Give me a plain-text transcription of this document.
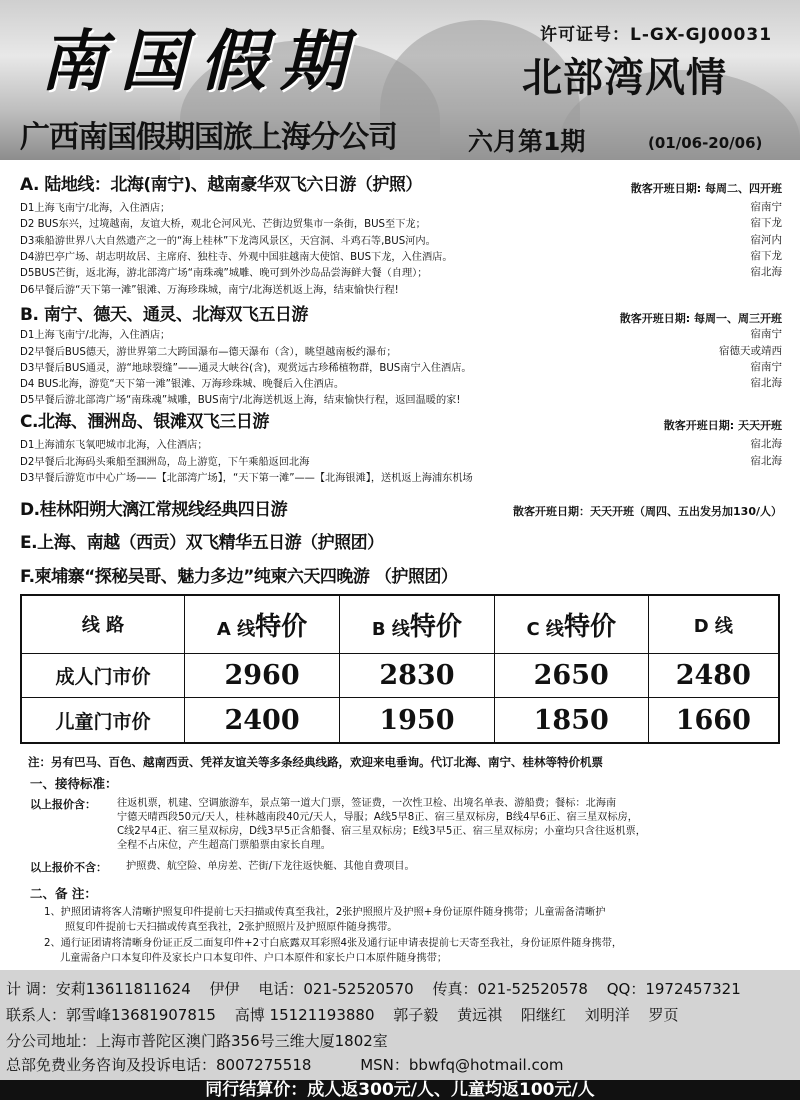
南国假期	许可证号：L-GX-GJ00031
北部湾风情
广西南国假期国旅上海分公司	六月第1期	(01/06-20/06)
A. 陆地线：北海(南宁)、越南豪华双飞六日游（护照）	散客开班日期: 每周二、四开班
D1上海飞南宁/北海，入住酒店；	宿南宁
D2 BUS东兴，过境越南，友谊大桥，观北仑河风光、芒街边贸集市一条街，BUS至下龙；	宿下龙
D3乘船游世界八大自然遗产之一的“海上桂林”下龙湾风景区，天宫洞、斗鸡石等,BUS河内。	宿河内
D4游巴亭广场、胡志明故居、主席府、独柱寺、外观中国驻越南大使馆、BUS下龙，入住酒店。	宿下龙
D5BUS芒街，返北海，游北部湾广场“南珠魂”城雕、晚可到外沙岛品尝海鲜大餐（自理）；	宿北海
D6早餐后游“天下第一滩”银滩、万海珍珠城，南宁/北海送机返上海，结束愉快行程!
B. 南宁、德天、通灵、北海双飞五日游	散客开班日期: 每周一、周三开班
D1上海飞南宁/北海，入住酒店；	宿南宁
D2早餐后BUS德天，游世界第二大跨国瀑布—德天瀑布（含），眺望越南板约瀑布；	宿德天或靖西
D3早餐后BUS通灵，游“地球裂缝”——通灵大峡谷(含)，观赏远古珍稀植物群，BUS南宁入住酒店。	宿南宁
D4 BUS北海，游览“天下第一滩”银滩、万海珍珠城、晚餐后入住酒店。	宿北海
D5早餐后游北部湾广场“南珠魂”城雕，BUS南宁/北海送机返上海，结束愉快行程，返回温暖的家!
C.北海、涠洲岛、银滩双飞三日游	散客开班日期: 天天开班
D1上海浦东飞氧吧城市北海，入住酒店；	宿北海
D2早餐后北海码头乘船至涠洲岛，岛上游览，下午乘船返回北海	宿北海
D3早餐后游览市中心广场——【北部湾广场】，“天下第一滩”——【北海银滩】，送机返上海浦东机场
D.桂林阳朔大漓江常规线经典四日游	散客开班日期：天天开班（周四、五出发另加130/人）
E.上海、南越（西贡）双飞精华五日游（护照团）
F.柬埔寨“探秘吴哥、魅力多边”纯柬六天四晚游 （护照团）
线 路	A 线特价	B 线特价	C 线特价	D 线
成人门市价	2960	2830	2650	2480
儿童门市价	2400	1950	1850	1660
注：另有巴马、百色、越南西贡、凭祥友谊关等多条经典线路，欢迎来电垂询。代订北海、南宁、桂林等特价机票
一、接待标准：
以上报价含： 往返机票，机建、空调旅游车，景点第一道大门票，签证费，一次性卫检、出境名单表、游船费；餐标：北海南
宁德天晴西段50元/天人，桂林越南段40元/天人，导服；A线5早8正、宿三星双标房，B线4早6正、宿三星双标房，
C线2早4正、宿三星双标房，D线3早5正含船餐、宿三星双标房；E线3早5正、宿三星双标房；小童均只含往返机票，
全程不占床位，产生超高门票船票由家长自理。
以上报价不含： 护照费、航空险、单房差、芒街/下龙往返快艇、其他自费项目。
二、备 注：
1、护照团请将客人清晰护照复印件提前七天扫描或传真至我社，2张护照照片及护照+身份证原件随身携带；儿童需备清晰护
照复印件提前七天扫描或传真至我社，2张护照照片及护照原件随身携带。
2、通行证团请将清晰身份证正反二面复印件+2寸白底露双耳彩照4张及通行证申请表提前七天寄至我社，身份证原件随身携带，
儿童需备户口本复印件及家长户口本复印件、户口本原件和家长户口本原件随身携带；
计 调：安莉13611811624 伊伊 电话：021-52520570 传真：021-52520578 QQ：1972457321
联系人：郭雪峰13681907815 高博 15121193880 郭子毅 黄远祺 阳继红 刘明洋 罗页
分公司地址：上海市普陀区澳门路356号三维大厦1802室
总部免费业务咨询及投诉电话：8007275518	MSN：bbwfq@hotmail.com
同行结算价：成人返300元/人、儿童均返100元/人
